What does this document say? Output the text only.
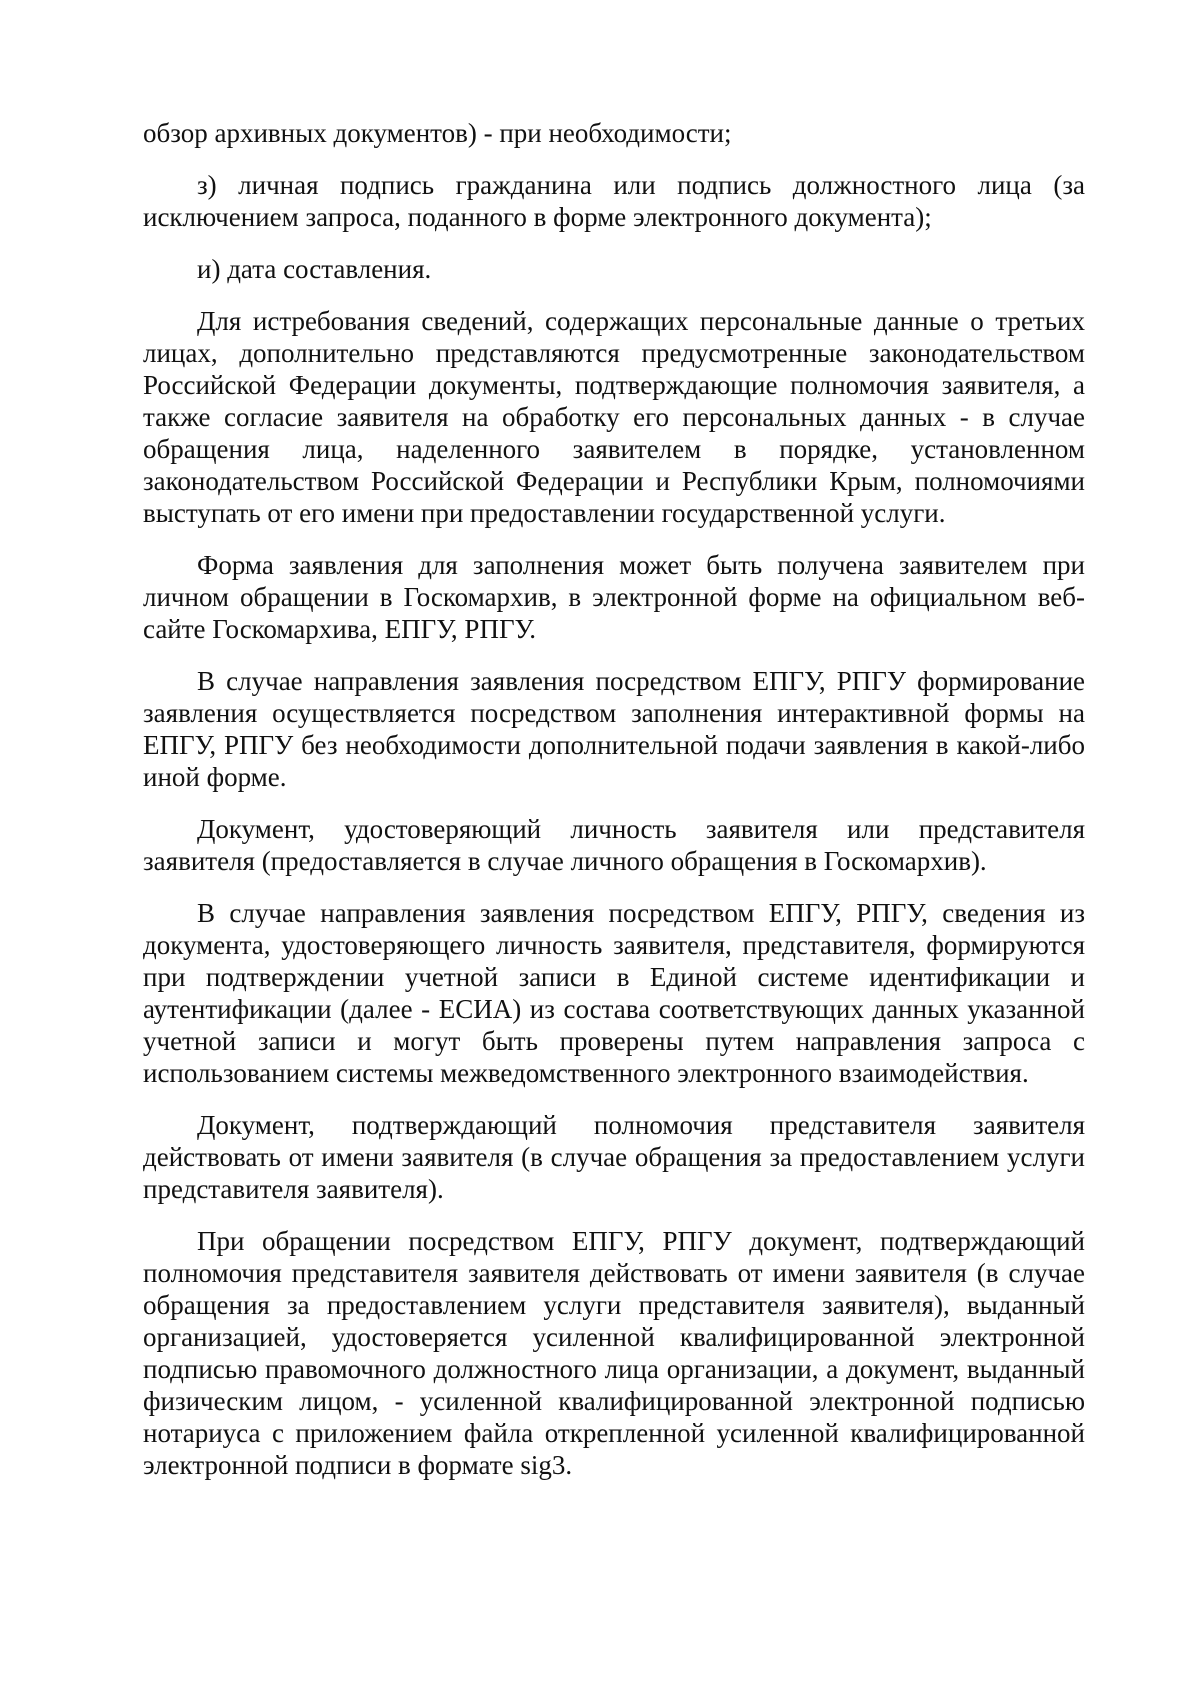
обзор архивных документов) - при необходимости;

з) личная подпись гражданина или подпись должностного лица (за исключением запроса, поданного в форме электронного документа);

и) дата составления.

Для истребования сведений, содержащих персональные данные о третьих лицах, дополнительно представляются предусмотренные законодательством Российской Федерации документы, подтверждающие полномочия заявителя, а также согласие заявителя на обработку его персональных данных - в случае обращения лица, наделенного заявителем в порядке, установленном законодательством Российской Федерации и Республики Крым, полномочиями выступать от его имени при предоставлении государственной услуги.

Форма заявления для заполнения может быть получена заявителем при личном обращении в Госкомархив, в электронной форме на официальном веб-сайте Госкомархива, ЕПГУ, РПГУ.

В случае направления заявления посредством ЕПГУ, РПГУ формирование заявления осуществляется посредством заполнения интерактивной формы на ЕПГУ, РПГУ без необходимости дополнительной подачи заявления в какой-либо иной форме.

Документ, удостоверяющий личность заявителя или представителя заявителя (предоставляется в случае личного обращения в Госкомархив).

В случае направления заявления посредством ЕПГУ, РПГУ, сведения из документа, удостоверяющего личность заявителя, представителя, формируются при подтверждении учетной записи в Единой системе идентификации и аутентификации (далее - ЕСИА) из состава соответствующих данных указанной учетной записи и могут быть проверены путем направления запроса с использованием системы межведомственного электронного взаимодействия.

Документ, подтверждающий полномочия представителя заявителя действовать от имени заявителя (в случае обращения за предоставлением услуги представителя заявителя).

При обращении посредством ЕПГУ, РПГУ документ, подтверждающий полномочия представителя заявителя действовать от имени заявителя (в случае обращения за предоставлением услуги представителя заявителя), выданный организацией, удостоверяется усиленной квалифицированной электронной подписью правомочного должностного лица организации, а документ, выданный физическим лицом, - усиленной квалифицированной электронной подписью нотариуса с приложением файла открепленной усиленной квалифицированной электронной подписи в формате sig3.
